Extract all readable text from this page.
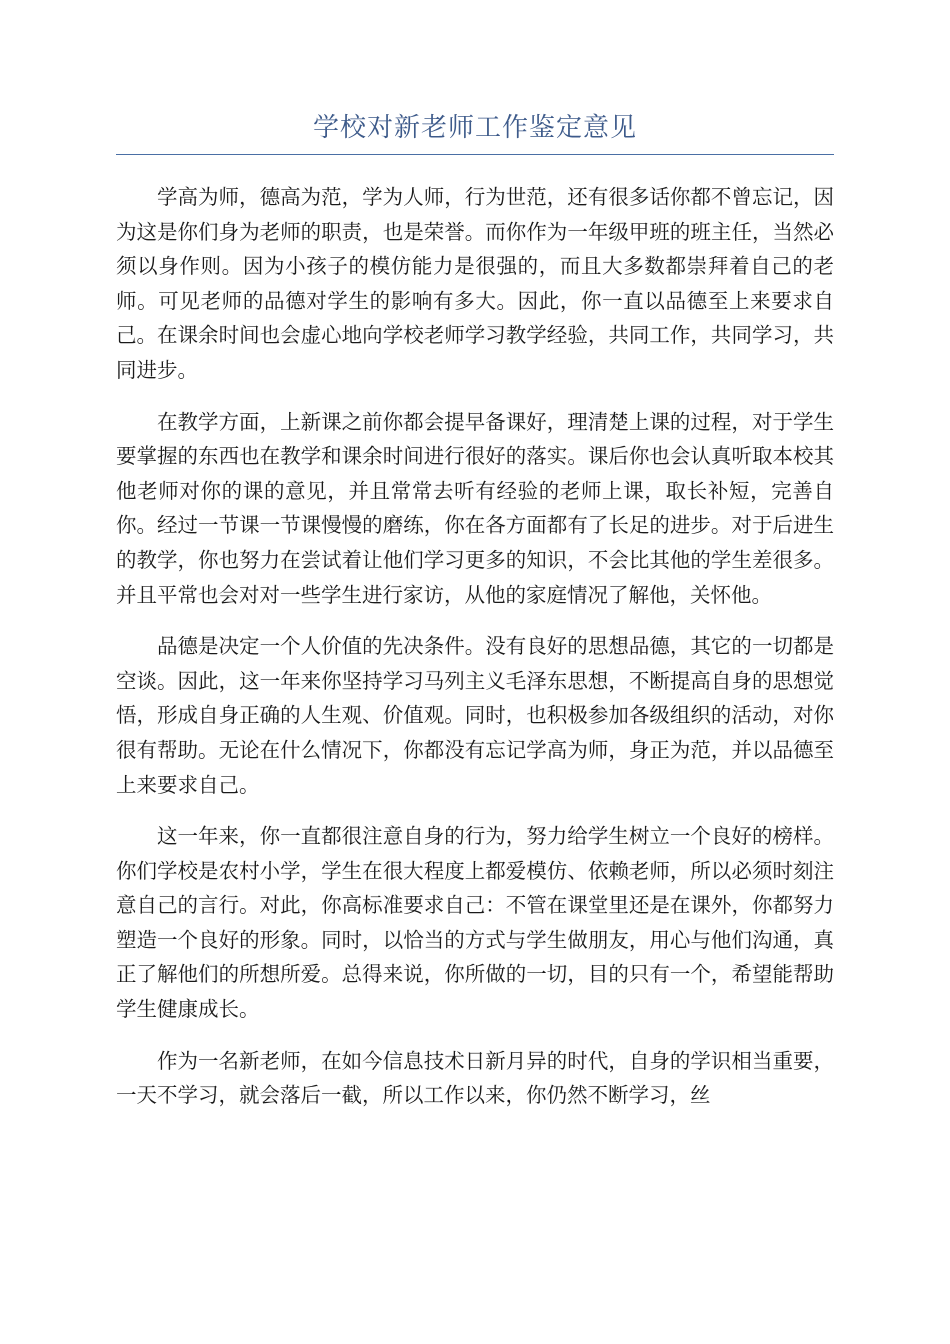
学校对新老师工作鉴定意见

学高为师，德高为范，学为人师，行为世范，还有很多话你都不曾忘记，因为这是你们身为老师的职责，也是荣誉。而你作为一年级甲班的班主任，当然必须以身作则。因为小孩子的模仿能力是很强的，而且大多数都崇拜着自己的老师。可见老师的品德对学生的影响有多大。因此，你一直以品德至上来要求自己。在课余时间也会虚心地向学校老师学习教学经验，共同工作，共同学习，共同进步。

在教学方面，上新课之前你都会提早备课好，理清楚上课的过程，对于学生要掌握的东西也在教学和课余时间进行很好的落实。课后你也会认真听取本校其他老师对你的课的意见，并且常常去听有经验的老师上课，取长补短，完善自你。经过一节课一节课慢慢的磨练，你在各方面都有了长足的进步。对于后进生的教学，你也努力在尝试着让他们学习更多的知识，不会比其他的学生差很多。并且平常也会对对一些学生进行家访，从他的家庭情况了解他，关怀他。

品德是决定一个人价值的先决条件。没有良好的思想品德，其它的一切都是空谈。因此，这一年来你坚持学习马列主义毛泽东思想，不断提高自身的思想觉悟，形成自身正确的人生观、价值观。同时，也积极参加各级组织的活动，对你很有帮助。无论在什么情况下，你都没有忘记学高为师，身正为范，并以品德至上来要求自己。

这一年来，你一直都很注意自身的行为，努力给学生树立一个良好的榜样。你们学校是农村小学，学生在很大程度上都爱模仿、依赖老师，所以必须时刻注意自己的言行。对此，你高标准要求自己：不管在课堂里还是在课外，你都努力塑造一个良好的形象。同时，以恰当的方式与学生做朋友，用心与他们沟通，真正了解他们的所想所爱。总得来说，你所做的一切，目的只有一个，希望能帮助学生健康成长。

作为一名新老师，在如今信息技术日新月异的时代，自身的学识相当重要，一天不学习，就会落后一截，所以工作以来，你仍然不断学习，丝
